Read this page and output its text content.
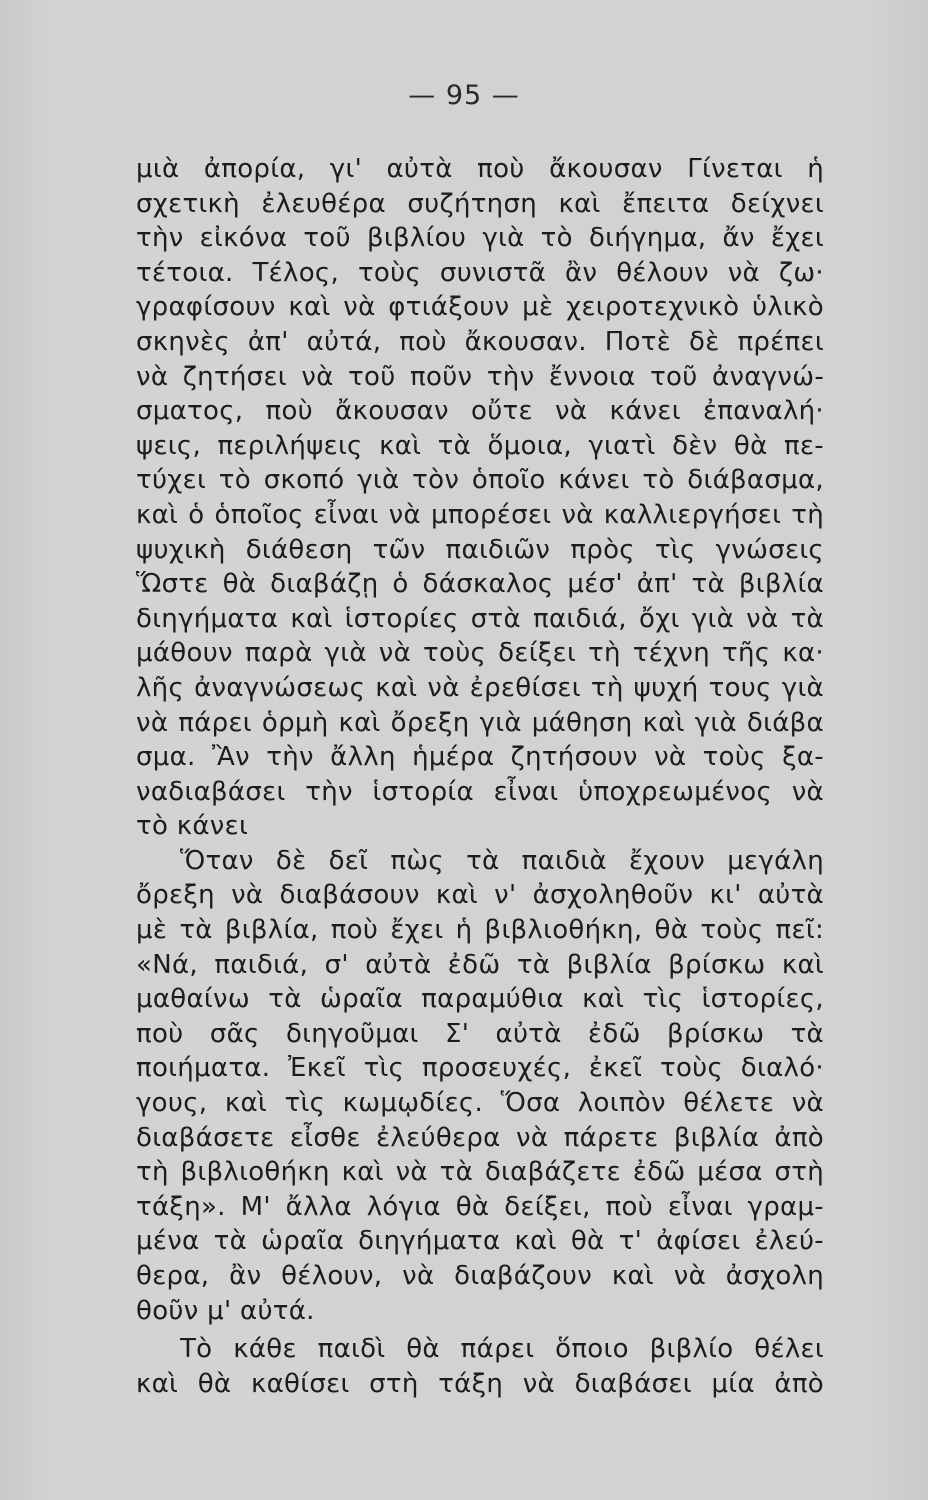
— 95 —
μιὰ ἀπορία, γι' αὐτὰ ποὺ ἄκουσαν Γίνεται ἡ
σχετικὴ ἐλευθέρα συζήτηση καὶ ἔπειτα δείχνει
τὴν εἰκόνα τοῦ βιβλίου γιὰ τὸ διήγημα, ἄν ἔχει
τέτοια. Τέλος, τοὺς συνιστᾶ ἂν θέλουν νὰ ζω·
γραφίσουν καὶ νὰ φτιάξουν μὲ χειροτεχνικὸ ὑλικὸ
σκηνὲς ἀπ' αὐτά, ποὺ ἄκουσαν. Ποτὲ δὲ πρέπει
νὰ ζητήσει νὰ τοῦ ποῦν τὴν ἔννοια τοῦ ἀναγνώ-
σματος, ποὺ ἄκουσαν οὔτε νὰ κάνει ἐπαναλή·
ψεις, περιλήψεις καὶ τὰ ὅμοια, γιατὶ δὲν θὰ πε-
τύχει τὸ σκοπό γιὰ τὸν ὁποῖο κάνει τὸ διάβασμα,
καὶ ὁ ὁποῖος εἶναι νὰ μπορέσει νὰ καλλιεργήσει τὴ
ψυχικὴ διάθεση τῶν παιδιῶν πρὸς τὶς γνώσεις
Ὥστε θὰ διαβάζῃ ὁ δάσκαλος μέσ' ἀπ' τὰ βιβλία
διηγήματα καὶ ἱστορίες στὰ παιδιά, ὄχι γιὰ νὰ τὰ
μάθουν παρὰ γιὰ νὰ τοὺς δείξει τὴ τέχνη τῆς κα·
λῆς ἀναγνώσεως καὶ νὰ ἐρεθίσει τὴ ψυχή τους γιὰ
νὰ πάρει ὁρμὴ καὶ ὄρεξη γιὰ μάθηση καὶ γιὰ διάβα
σμα. Ἂν τὴν ἄλλη ἡμέρα ζητήσουν νὰ τοὺς ξα-
ναδιαβάσει τὴν ἱστορία εἶναι ὑποχρεωμένος νὰ
τὸ κάνει
Ὅταν δὲ δεῖ πὼς τὰ παιδιὰ ἔχουν μεγάλη
ὄρεξη νὰ διαβάσουν καὶ ν' ἀσχοληθοῦν κι' αὐτὰ
μὲ τὰ βιβλία, ποὺ ἔχει ἡ βιβλιοθήκη, θὰ τοὺς πεῖ:
«Νά, παιδιά, σ' αὐτὰ ἐδῶ τὰ βιβλία βρίσκω καὶ
μαθαίνω τὰ ὡραῖα παραμύθια καὶ τὶς ἱστορίες,
ποὺ σᾶς διηγοῦμαι Σ' αὐτὰ ἐδῶ βρίσκω τὰ
ποιήματα. Ἐκεῖ τὶς προσευχές, ἐκεῖ τοὺς διαλό·
γους, καὶ τὶς κωμῳδίες. Ὅσα λοιπὸν θέλετε νὰ
διαβάσετε εἶσθε ἐλεύθερα νὰ πάρετε βιβλία ἀπὸ
τὴ βιβλιοθήκη καὶ νὰ τὰ διαβάζετε ἐδῶ μέσα στὴ
τάξη». Μ' ἄλλα λόγια θὰ δείξει, ποὺ εἶναι γραμ-
μένα τὰ ὡραῖα διηγήματα καὶ θὰ τ' ἀφίσει ἐλεύ-
θερα, ἂν θέλουν, νὰ διαβάζουν καὶ νὰ ἀσχολη
θοῦν μ' αὐτά.
Τὸ κάθε παιδὶ θὰ πάρει ὅποιο βιβλίο θέλει
καὶ θὰ καθίσει στὴ τάξη νὰ διαβάσει μία ἀπὸ
